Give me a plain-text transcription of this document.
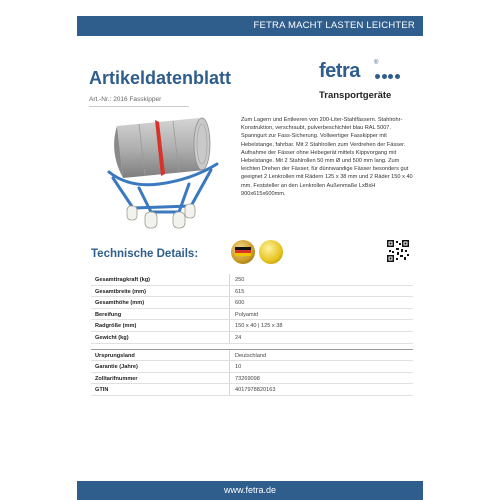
FETRA MACHT LASTEN LEICHTER
Artikeldatenblatt
Art.-Nr.: 2016 Fasskipper
fetra ®
Transportgeräte
Zum Lagern und Entleeren von 200-Liter-Stahlfässern. Stahlrohr-Konstruktion, verschraubt, pulverbeschichtet blau RAL 5007. Spanngurt zur Fass-Sicherung. Vollwertiger Fasskipper mit Hebelstange, fahrbar. Mit 2 Stahlrollen zum Verdrehen der Fässer. Aufnahme der Fässer ohne Hebegerät mittels Kippvorgang mit Hebelstange. Mit 2 Stahlrollen 50 mm Ø und 500 mm lang. Zum leichten Drehen der Fässer, für dünnwandige Fässer besonders gut geeignet 2 Lenkrollen mit Rädern 125 x 38 mm und 2 Räder 150 x 40 mm. Feststeller an den Lenkrollen Außenmaße LxBxH 900x615x600mm.
Technische Details:
Gesamttragkraft (kg)	250
Gesamtbreite (mm)	615
Gesamthöhe (mm)	600
Bereifung	Polyamid
Radgröße (mm)	150 x 40 | 125 x 38
Gewicht (kg)	24
Ursprungsland	Deutschland
Garantie (Jahre)	10
Zolltarifnummer	73269098
GTIN	4017978820163
www.fetra.de
